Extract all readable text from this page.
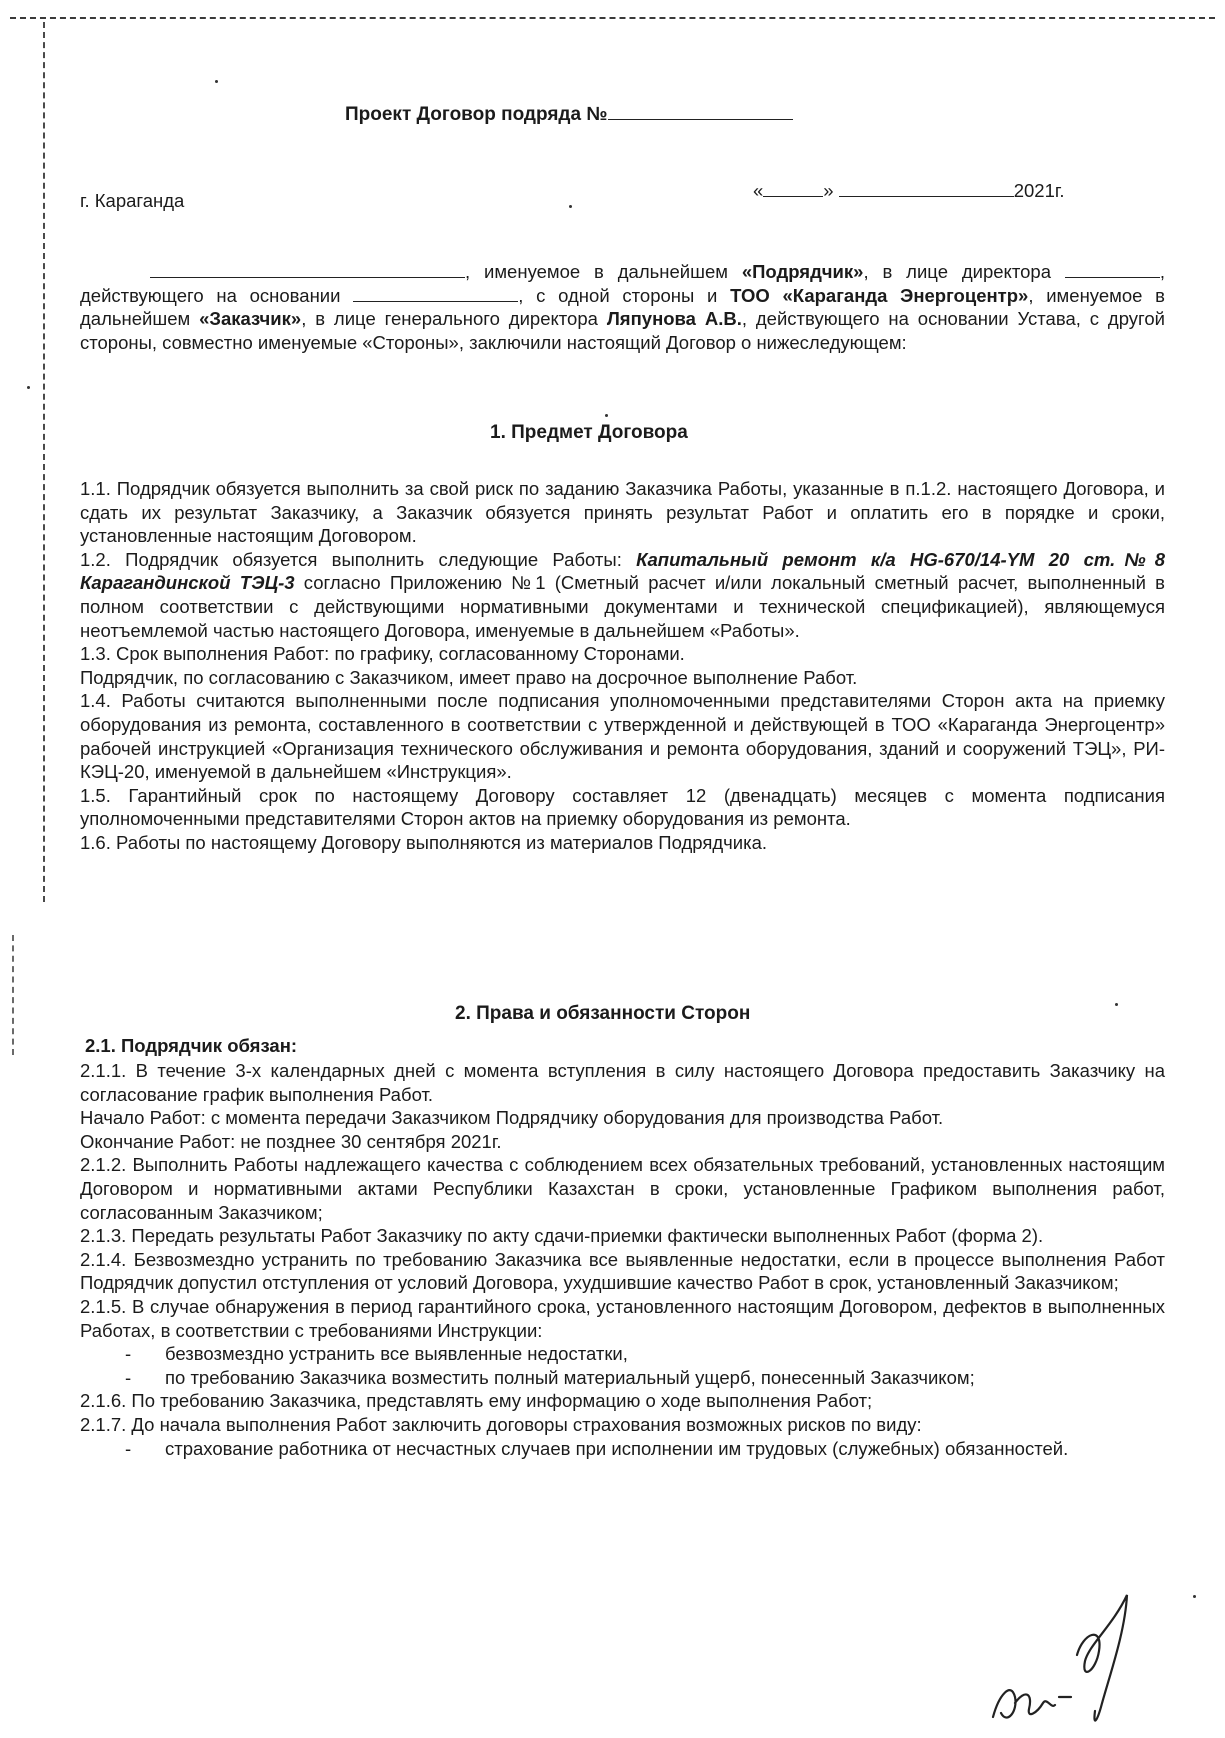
Проект Договор подряда №
г. Караганда	«	»	2021г.

, именуемое в дальнейшем «Подрядчик», в лице директора	, действующего на основании	, с одной стороны и ТОО «Караганда Энергоцентр», именуемое в дальнейшем «Заказчик», в лице генерального директора Ляпунова А.В., действующего на основании Устава, с другой стороны, совместно именуемые «Стороны», заключили настоящий Договор о нижеследующем:

1. Предмет Договора

1.1. Подрядчик обязуется выполнить за свой риск по заданию Заказчика Работы, указанные в п.1.2. настоящего Договора, и сдать их результат Заказчику, а Заказчик обязуется принять результат Работ и оплатить его в порядке и сроки, установленные настоящим Договором.

1.2. Подрядчик обязуется выполнить следующие Работы: Капитальный ремонт к/а HG-670/14-YM 20 ст.№8 Карагандинской ТЭЦ-3 согласно Приложению №1 (Сметный расчет и/или локальный сметный расчет, выполненный в полном соответствии с действующими нормативными документами и технической спецификацией), являющемуся неотъемлемой частью настоящего Договора, именуемые в дальнейшем «Работы».

1.3. Срок выполнения Работ: по графику, согласованному Сторонами.

Подрядчик, по согласованию с Заказчиком, имеет право на досрочное выполнение Работ.

1.4. Работы считаются выполненными после подписания уполномоченными представителями Сторон акта на приемку оборудования из ремонта, составленного в соответствии с утвержденной и действующей в ТОО «Караганда Энергоцентр» рабочей инструкцией «Организация технического обслуживания и ремонта оборудования, зданий и сооружений ТЭЦ», РИ-КЭЦ-20, именуемой в дальнейшем «Инструкция».

1.5. Гарантийный срок по настоящему Договору составляет 12 (двенадцать) месяцев с момента подписания уполномоченными представителями Сторон актов на приемку оборудования из ремонта.

1.6. Работы по настоящему Договору выполняются из материалов Подрядчика.

2. Права и обязанности Сторон
2.1. Подрядчик обязан:

2.1.1. В течение 3-х календарных дней с момента вступления в силу настоящего Договора предоставить Заказчику на согласование график выполнения Работ.

Начало Работ: с момента передачи Заказчиком Подрядчику оборудования для производства Работ.

Окончание Работ: не позднее 30 сентября 2021г.

2.1.2. Выполнить Работы надлежащего качества с соблюдением всех обязательных требований, установленных настоящим Договором и нормативными актами Республики Казахстан в сроки, установленные Графиком выполнения работ, согласованным Заказчиком;

2.1.3. Передать результаты Работ Заказчику по акту сдачи-приемки фактически выполненных Работ (форма 2).

2.1.4. Безвозмездно устранить по требованию Заказчика все выявленные недостатки, если в процессе выполнения Работ Подрядчик допустил отступления от условий Договора, ухудшившие качество Работ в срок, установленный Заказчиком;

2.1.5. В случае обнаружения в период гарантийного срока, установленного настоящим Договором, дефектов в выполненных Работах, в соответствии с требованиями Инструкции:

- безвозмездно устранить все выявленные недостатки,

- по требованию Заказчика возместить полный материальный ущерб, понесенный Заказчиком;

2.1.6. По требованию Заказчика, представлять ему информацию о ходе выполнения Работ;

2.1.7. До начала выполнения Работ заключить договоры страхования возможных рисков по виду:

- страхование работника от несчастных случаев при исполнении им трудовых (служебных) обязанностей.
